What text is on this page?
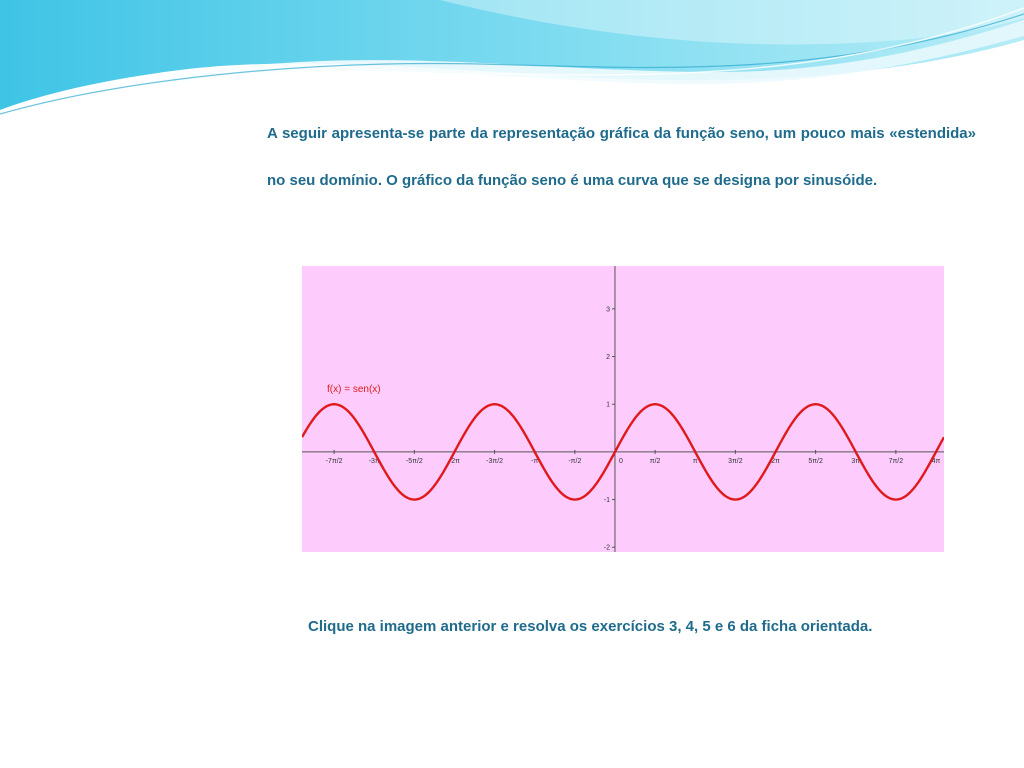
A seguir apresenta-se parte da representação gráfica da função seno, um pouco mais «estendida» no seu domínio. O gráfico da função seno é uma curva que se designa por sinusóide.

-7π/2	-3π	-5π/2	-2π	-3π/2	-π	-π/2	π/2	π	3π/2	2π	5π/2	3π	7π/2	4π
3
2
1
-1
-2
0
f(x) = sen(x)

Clique na imagem anterior e resolva os exercícios 3, 4, 5 e 6 da ficha orientada.
